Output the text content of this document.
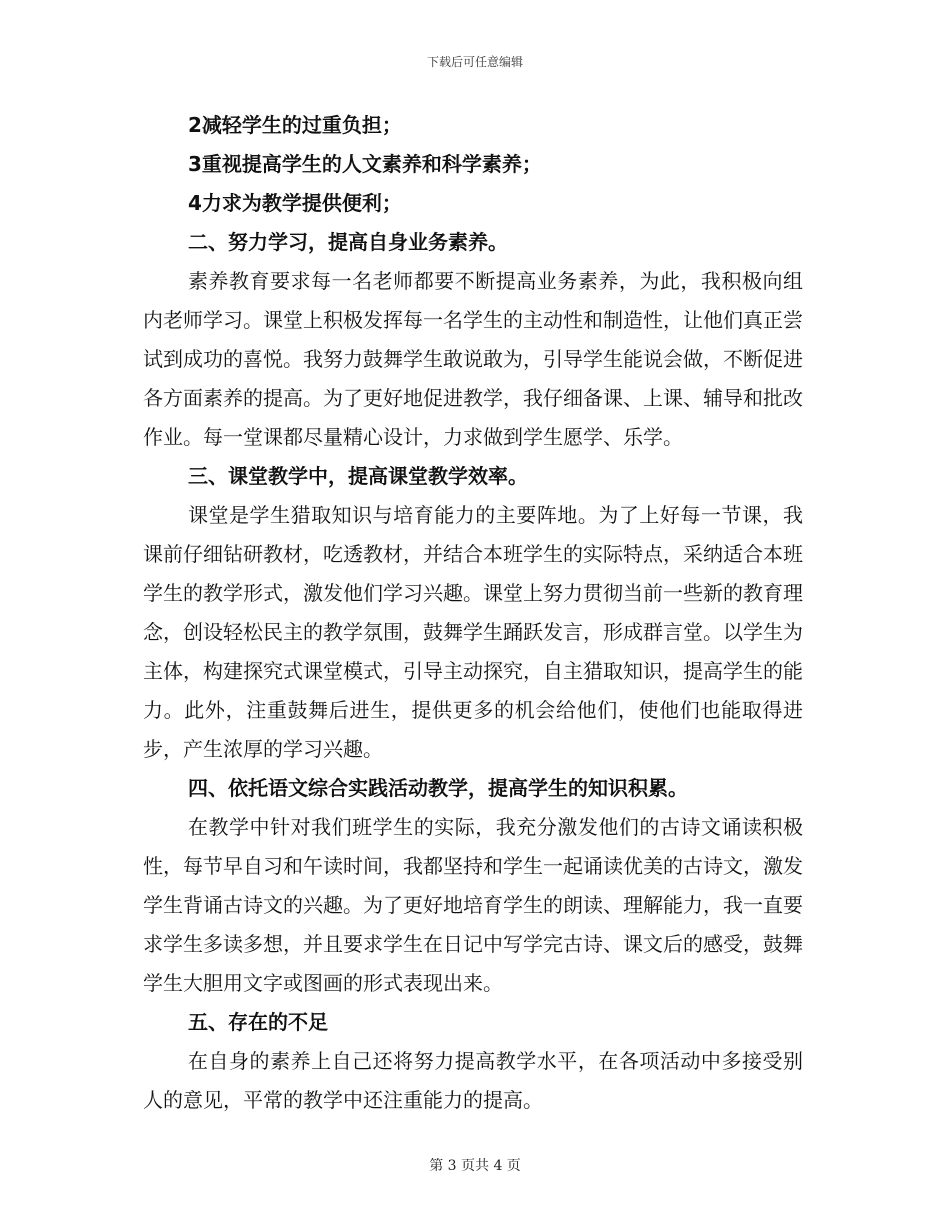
下载后可任意编辑
2减轻学生的过重负担；
3重视提高学生的人文素养和科学素养；
4力求为教学提供便利；
二、努力学习，提高自身业务素养。
素养教育要求每一名老师都要不断提高业务素养，为此，我积极向组内老师学习。课堂上积极发挥每一名学生的主动性和制造性，让他们真正尝试到成功的喜悦。我努力鼓舞学生敢说敢为，引导学生能说会做，不断促进各方面素养的提高。为了更好地促进教学，我仔细备课、上课、辅导和批改作业。每一堂课都尽量精心设计，力求做到学生愿学、乐学。
三、课堂教学中，提高课堂教学效率。
课堂是学生猎取知识与培育能力的主要阵地。为了上好每一节课，我课前仔细钻研教材，吃透教材，并结合本班学生的实际特点，采纳适合本班学生的教学形式，激发他们学习兴趣。课堂上努力贯彻当前一些新的教育理念，创设轻松民主的教学氛围，鼓舞学生踊跃发言，形成群言堂。以学生为主体，构建探究式课堂模式，引导主动探究，自主猎取知识，提高学生的能力。此外，注重鼓舞后进生，提供更多的机会给他们，使他们也能取得进步，产生浓厚的学习兴趣。
四、依托语文综合实践活动教学，提高学生的知识积累。
在教学中针对我们班学生的实际，我充分激发他们的古诗文诵读积极性，每节早自习和午读时间，我都坚持和学生一起诵读优美的古诗文，激发学生背诵古诗文的兴趣。为了更好地培育学生的朗读、理解能力，我一直要求学生多读多想，并且要求学生在日记中写学完古诗、课文后的感受，鼓舞学生大胆用文字或图画的形式表现出来。
五、存在的不足
在自身的素养上自己还将努力提高教学水平，在各项活动中多接受别人的意见，平常的教学中还注重能力的提高。
第 3 页共 4 页
